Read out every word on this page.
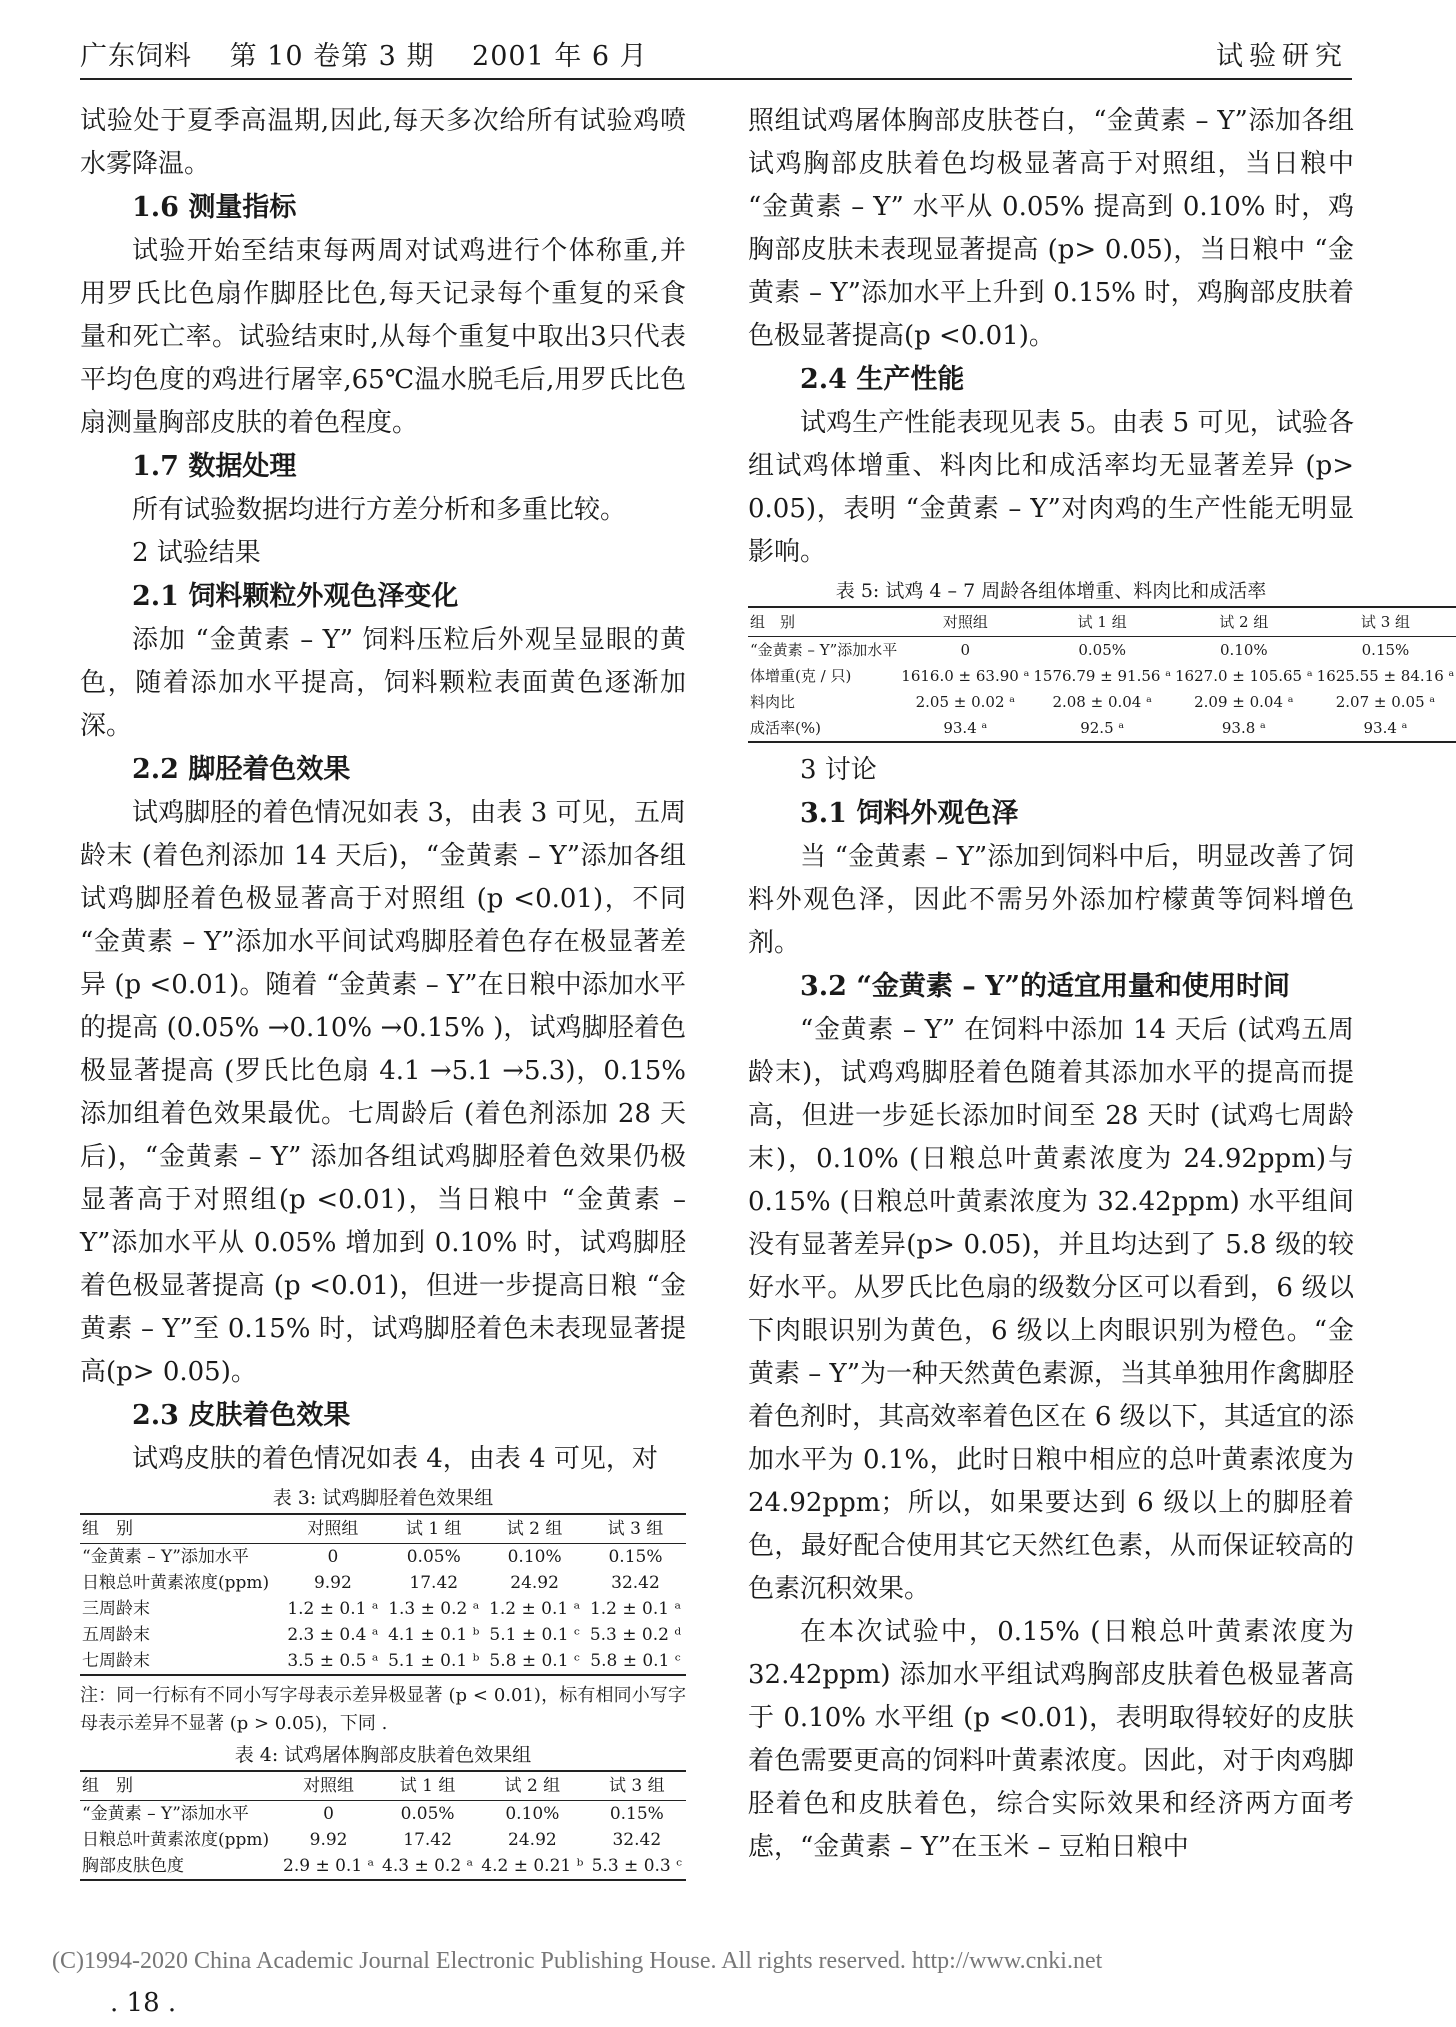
广东饲料　 第 10 卷第 3 期　 2001 年 6 月	试验研究

试验处于夏季高温期,因此,每天多次给所有试验鸡喷水雾降温。

1.6 测量指标

试验开始至结束每两周对试鸡进行个体称重,并用罗氏比色扇作脚胫比色,每天记录每个重复的采食量和死亡率。试验结束时,从每个重复中取出3只代表平均色度的鸡进行屠宰,65℃温水脱毛后,用罗氏比色扇测量胸部皮肤的着色程度。

1.7 数据处理

所有试验数据均进行方差分析和多重比较。

2 试验结果
2.1 饲料颗粒外观色泽变化

添加 “金黄素 – Y” 饲料压粒后外观呈显眼的黄色，随着添加水平提高，饲料颗粒表面黄色逐渐加深。

2.2 脚胫着色效果

试鸡脚胫的着色情况如表 3，由表 3 可见，五周龄末 (着色剂添加 14 天后)，“金黄素 – Y”添加各组试鸡脚胫着色极显著高于对照组 (p <0.01)，不同 “金黄素 – Y”添加水平间试鸡脚胫着色存在极显著差异 (p <0.01)。随着 “金黄素 – Y”在日粮中添加水平的提高 (0.05% →0.10% →0.15% )，试鸡脚胫着色极显著提高 (罗氏比色扇 4.1 →5.1 →5.3)，0.15% 添加组着色效果最优。七周龄后 (着色剂添加 28 天后)，“金黄素 – Y” 添加各组试鸡脚胫着色效果仍极显著高于对照组(p <0.01)，当日粮中 “金黄素 – Y”添加水平从 0.05% 增加到 0.10% 时，试鸡脚胫着色极显著提高 (p <0.01)，但进一步提高日粮 “金黄素 – Y”至 0.15% 时，试鸡脚胫着色未表现显著提高(p> 0.05)。

2.3 皮肤着色效果

试鸡皮肤的着色情况如表 4，由表 4 可见，对

表 3: 试鸡脚胫着色效果组
组　别	对照组	试 1 组	试 2 组	试 3 组
“金黄素 – Y”添加水平	0	0.05%	0.10%	0.15%
日粮总叶黄素浓度(ppm)	9.92	17.42	24.92	32.42
三周龄末	1.2 ± 0.1 ᵃ	1.3 ± 0.2 ᵃ	1.2 ± 0.1 ᵃ	1.2 ± 0.1 ᵃ
五周龄末	2.3 ± 0.4 ᵃ	4.1 ± 0.1 ᵇ	5.1 ± 0.1 ᶜ	5.3 ± 0.2 ᵈ
七周龄末	3.5 ± 0.5 ᵃ	5.1 ± 0.1 ᵇ	5.8 ± 0.1 ᶜ	5.8 ± 0.1 ᶜ
注：同一行标有不同小写字母表示差异极显著 (p < 0.01)，标有相同小写字母表示差异不显著 (p > 0.05)，下同 .
表 4: 试鸡屠体胸部皮肤着色效果组
组　别	对照组	试 1 组	试 2 组	试 3 组
“金黄素 – Y”添加水平	0	0.05%	0.10%	0.15%
日粮总叶黄素浓度(ppm)	9.92	17.42	24.92	32.42
胸部皮肤色度	2.9 ± 0.1 ᵃ	4.3 ± 0.2 ᵃ	4.2 ± 0.21 ᵇ	5.3 ± 0.3 ᶜ

照组试鸡屠体胸部皮肤苍白，“金黄素 – Y”添加各组试鸡胸部皮肤着色均极显著高于对照组，当日粮中 “金黄素 – Y” 水平从 0.05% 提高到 0.10% 时，鸡胸部皮肤未表现显著提高 (p> 0.05)，当日粮中 “金黄素 – Y”添加水平上升到 0.15% 时，鸡胸部皮肤着色极显著提高(p <0.01)。

2.4 生产性能

试鸡生产性能表现见表 5。由表 5 可见，试验各组试鸡体增重、料肉比和成活率均无显著差异 (p> 0.05)，表明 “金黄素 – Y”对肉鸡的生产性能无明显影响。

表 5: 试鸡 4 – 7 周龄各组体增重、料肉比和成活率
组　别	对照组	试 1 组	试 2 组	试 3 组
“金黄素 – Y”添加水平	0	0.05%	0.10%	0.15%
体增重(克 / 只)	1616.0 ± 63.90 ᵃ	1576.79 ± 91.56 ᵃ	1627.0 ± 105.65 ᵃ	1625.55 ± 84.16 ᵃ
料肉比	2.05 ± 0.02 ᵃ	2.08 ± 0.04 ᵃ	2.09 ± 0.04 ᵃ	2.07 ± 0.05 ᵃ
成活率(%)	93.4 ᵃ	92.5 ᵃ	93.8 ᵃ	93.4 ᵃ
3 讨论
3.1 饲料外观色泽

当 “金黄素 – Y”添加到饲料中后，明显改善了饲料外观色泽，因此不需另外添加柠檬黄等饲料增色剂。

3.2 “金黄素 – Y”的适宜用量和使用时间

“金黄素 – Y” 在饲料中添加 14 天后 (试鸡五周龄末)，试鸡鸡脚胫着色随着其添加水平的提高而提高，但进一步延长添加时间至 28 天时 (试鸡七周龄末)，0.10% (日粮总叶黄素浓度为 24.92ppm)与 0.15% (日粮总叶黄素浓度为 32.42ppm) 水平组间没有显著差异(p> 0.05)，并且均达到了 5.8 级的较好水平。从罗氏比色扇的级数分区可以看到，6 级以下肉眼识别为黄色，6 级以上肉眼识别为橙色。“金黄素 – Y”为一种天然黄色素源，当其单独用作禽脚胫着色剂时，其高效率着色区在 6 级以下，其适宜的添加水平为 0.1%，此时日粮中相应的总叶黄素浓度为 24.92ppm；所以，如果要达到 6 级以上的脚胫着色，最好配合使用其它天然红色素，从而保证较高的色素沉积效果。

在本次试验中，0.15% (日粮总叶黄素浓度为 32.42ppm) 添加水平组试鸡胸部皮肤着色极显著高于 0.10% 水平组 (p <0.01)，表明取得较好的皮肤着色需要更高的饲料叶黄素浓度。因此，对于肉鸡脚胫着色和皮肤着色，综合实际效果和经济两方面考虑，“金黄素 – Y”在玉米 – 豆粕日粮中

(C)1994-2020 China Academic Journal Electronic Publishing House. All rights reserved. http://www.cnki.net
. 18 .
